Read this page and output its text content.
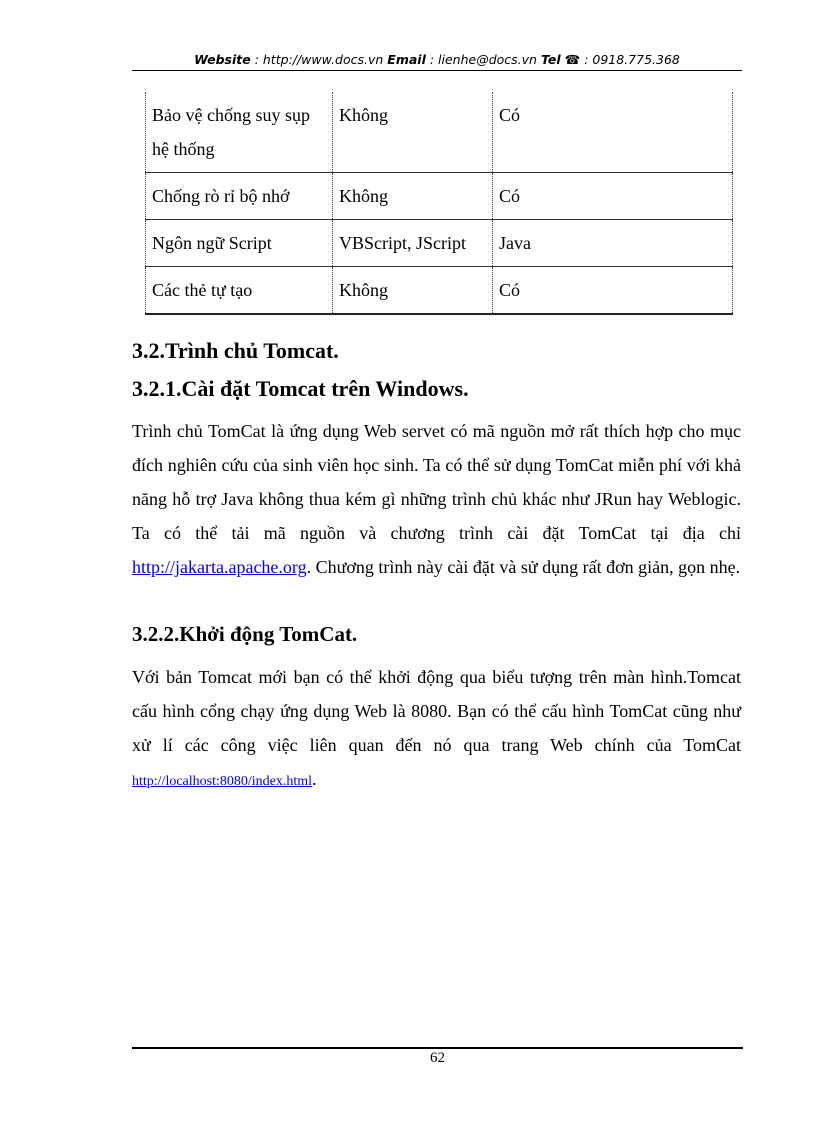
Website : http://www.docs.vn Email : lienhe@docs.vn Tel ☎ : 0918.775.368
Bảo vệ chống suy sụp hệ thống	Không	Có
Chống rò rỉ bộ nhớ	Không	Có
Ngôn ngữ Script	VBScript, JScript	Java
Các thẻ tự tạo	Không	Có
3.2.Trình chủ Tomcat.
3.2.1.Cài đặt Tomcat trên Windows.
Trình chủ TomCat là ứng dụng Web servet có mã nguồn mở rất thích hợp cho mục đích nghiên cứu của sinh viên học sinh. Ta có thể sử dụng TomCat miễn phí với khả năng hỗ trợ Java không thua kém gì những trình chủ khác như JRun hay Weblogic. Ta có thể tải mã nguồn và chương trình cài đặt TomCat tại địa chỉ http://jakarta.apache.org. Chương trình này cài đặt và sử dụng rất đơn giản, gọn nhẹ.
3.2.2.Khởi động TomCat.
Với bản Tomcat mới bạn có thể khởi động qua biểu tượng trên màn hình.Tomcat cấu hình cổng chạy ứng dụng Web là 8080. Bạn có thể cấu hình TomCat cũng như xử lí các công việc liên quan đến nó qua trang Web chính của TomCat http://localhost:8080/index.html.
62
